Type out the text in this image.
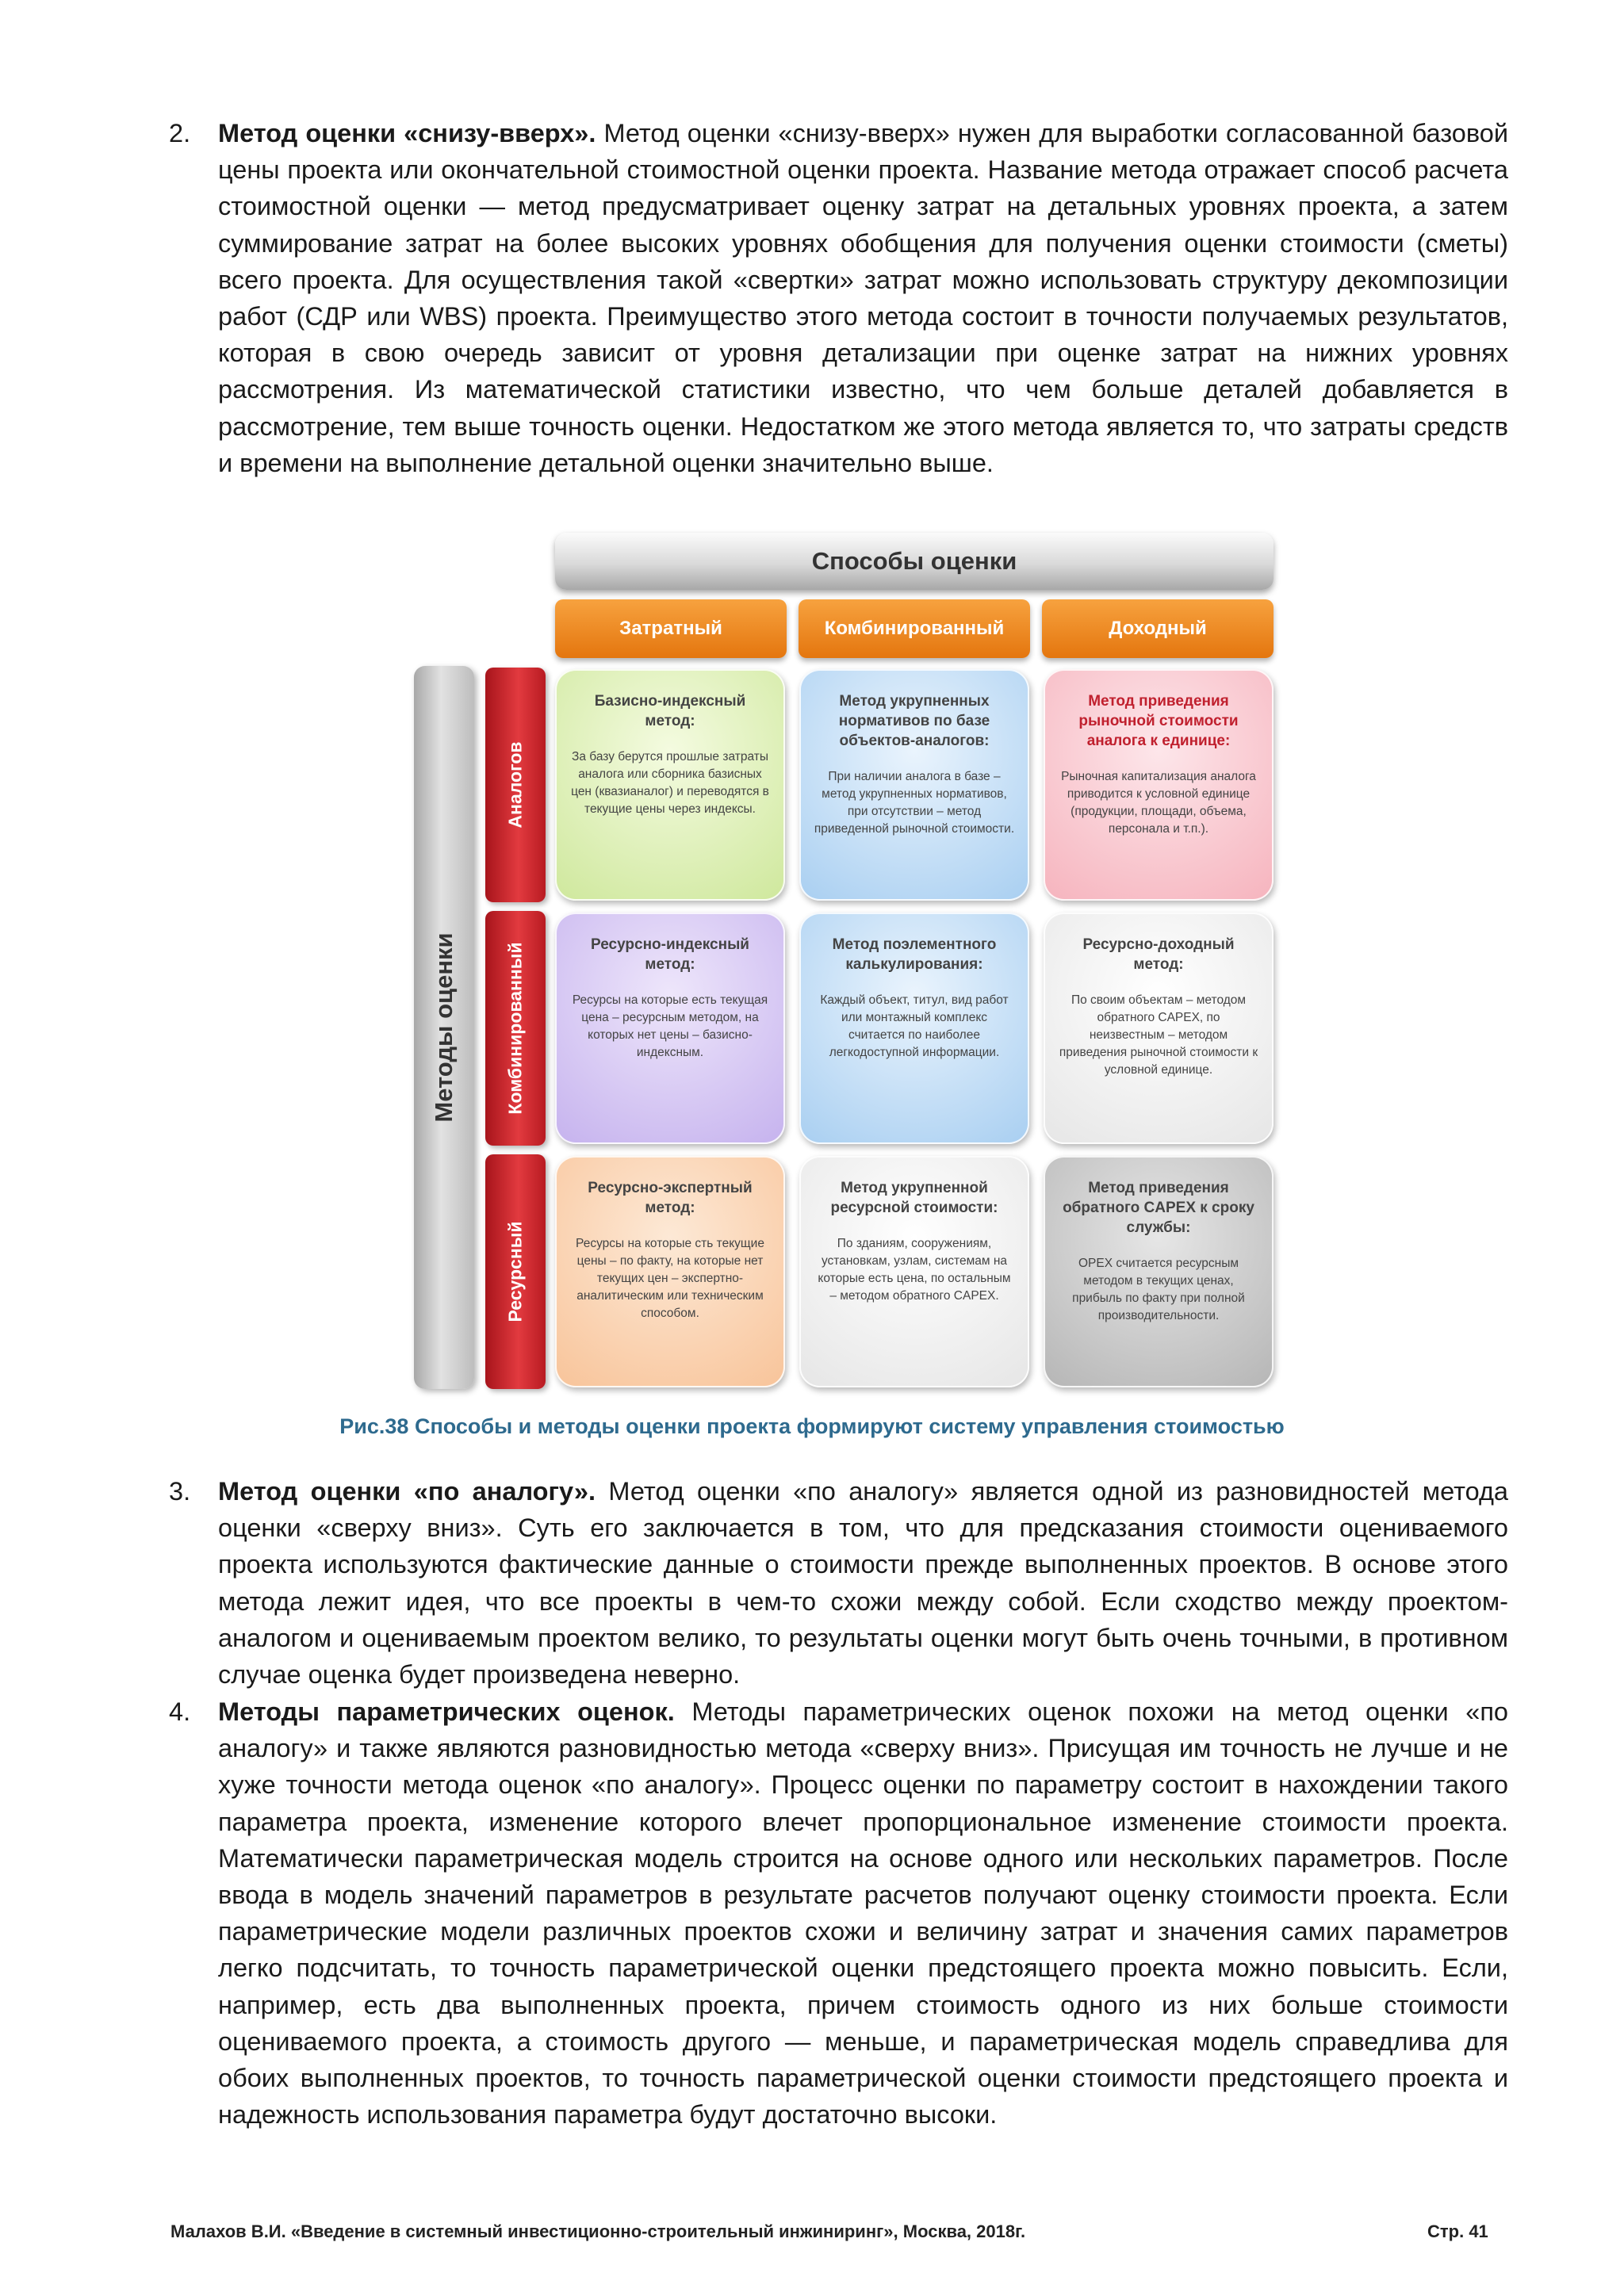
2.	Метод оценки «снизу-вверх». Метод оценки «снизу-вверх» нужен для выработки согласованной базовой цены проекта или окончательной стоимостной оценки проекта. Название метода отражает способ расчета стоимостной оценки — метод предусматривает оценку затрат на детальных уровнях проекта, а затем суммирование затрат на более высоких уровнях обобщения для получения оценки стоимости (сметы) всего проекта. Для осуществления такой «свертки» затрат можно использовать структуру декомпозиции работ (СДР или WBS) проекта. Преимущество этого метода состоит в точности получаемых результатов, которая в свою очередь зависит от уровня детализации при оценке затрат на нижних уровнях рассмотрения. Из математической статистики известно, что чем больше деталей добавляется в рассмотрение, тем выше точность оценки. Недостатком же этого метода является то, что затраты средств и времени на выполнение детальной оценки значительно выше.
Способы оценки
Затратный	Комбинированный	Доходный
Методы оценки
Аналогов
Комбинированный
Ресурсный
Базисно-индексный метод:
За базу берутся прошлые затраты аналога или сборника базисных цен (квазианалог) и переводятся в текущие цены через индексы.
Метод укрупненных нормативов по базе объектов-аналогов:
При наличии аналога в базе – метод укрупненных нормативов, при отсутствии – метод приведенной рыночной стоимости.
Метод приведения рыночной стоимости аналога к единице:
Рыночная капитализация аналога приводится к условной единице (продукции, площади, объема, персонала и т.п.).
Ресурсно-индексный метод:
Ресурсы на которые есть текущая цена – ресурсным методом, на которых нет цены – базисно-индексным.
Метод поэлементного калькулирования:
Каждый объект, титул, вид работ или монтажный комплекс считается по наиболее легкодоступной информации.
Ресурсно-доходный метод:
По своим объектам – методом обратного CAPEX, по неизвестным – методом приведения рыночной стоимости к условной единице.
Ресурсно-экспертный метод:
Ресурсы на которые сть текущие цены – по факту, на которые нет текущих цен – экспертно-аналитическим или техническим способом.
Метод укрупненной ресурсной стоимости:
По зданиям, сооружениям, установкам, узлам, системам на которые есть цена, по остальным – методом обратного CAPEX.
Метод приведения обратного CAPEX к сроку службы:
OPEX считается ресурсным методом в текущих ценах, прибыль по факту при полной производительности.
Рис.38 Способы и методы оценки проекта формируют систему управления стоимостью
3.	Метод оценки «по аналогу». Метод оценки «по аналогу» является одной из разновидностей метода оценки «сверху вниз». Суть его заключается в том, что для предсказания стоимости оцениваемого проекта используются фактические данные о стоимости прежде выполненных проектов. В основе этого метода лежит идея, что все проекты в чем-то схожи между собой. Если сходство между проектом-аналогом и оцениваемым проектом велико, то результаты оценки могут быть очень точными, в противном случае оценка будет произведена неверно.
4.	Методы параметрических оценок. Методы параметрических оценок похожи на метод оценки «по аналогу» и также являются разновидностью метода «сверху вниз». Присущая им точность не лучше и не хуже точности метода оценок «по аналогу». Процесс оценки по параметру состоит в нахождении такого параметра проекта, изменение которого влечет пропорциональное изменение стоимости проекта. Математически параметрическая модель строится на основе одного или нескольких параметров. После ввода в модель значений параметров в результате расчетов получают оценку стоимости проекта. Если параметрические модели различных проектов схожи и величину затрат и значения самих параметров легко подсчитать, то точность параметрической оценки предстоящего проекта можно повысить. Если, например, есть два выполненных проекта, причем стоимость одного из них больше стоимости оцениваемого проекта, а стоимость другого — меньше, и параметрическая модель справедлива для обоих выполненных проектов, то точность параметрической оценки стоимости предстоящего проекта и надежность использования параметра будут достаточно высоки.
Малахов В.И. «Введение в системный инвестиционно-строительный инжиниринг», Москва, 2018г.	Стр. 41
